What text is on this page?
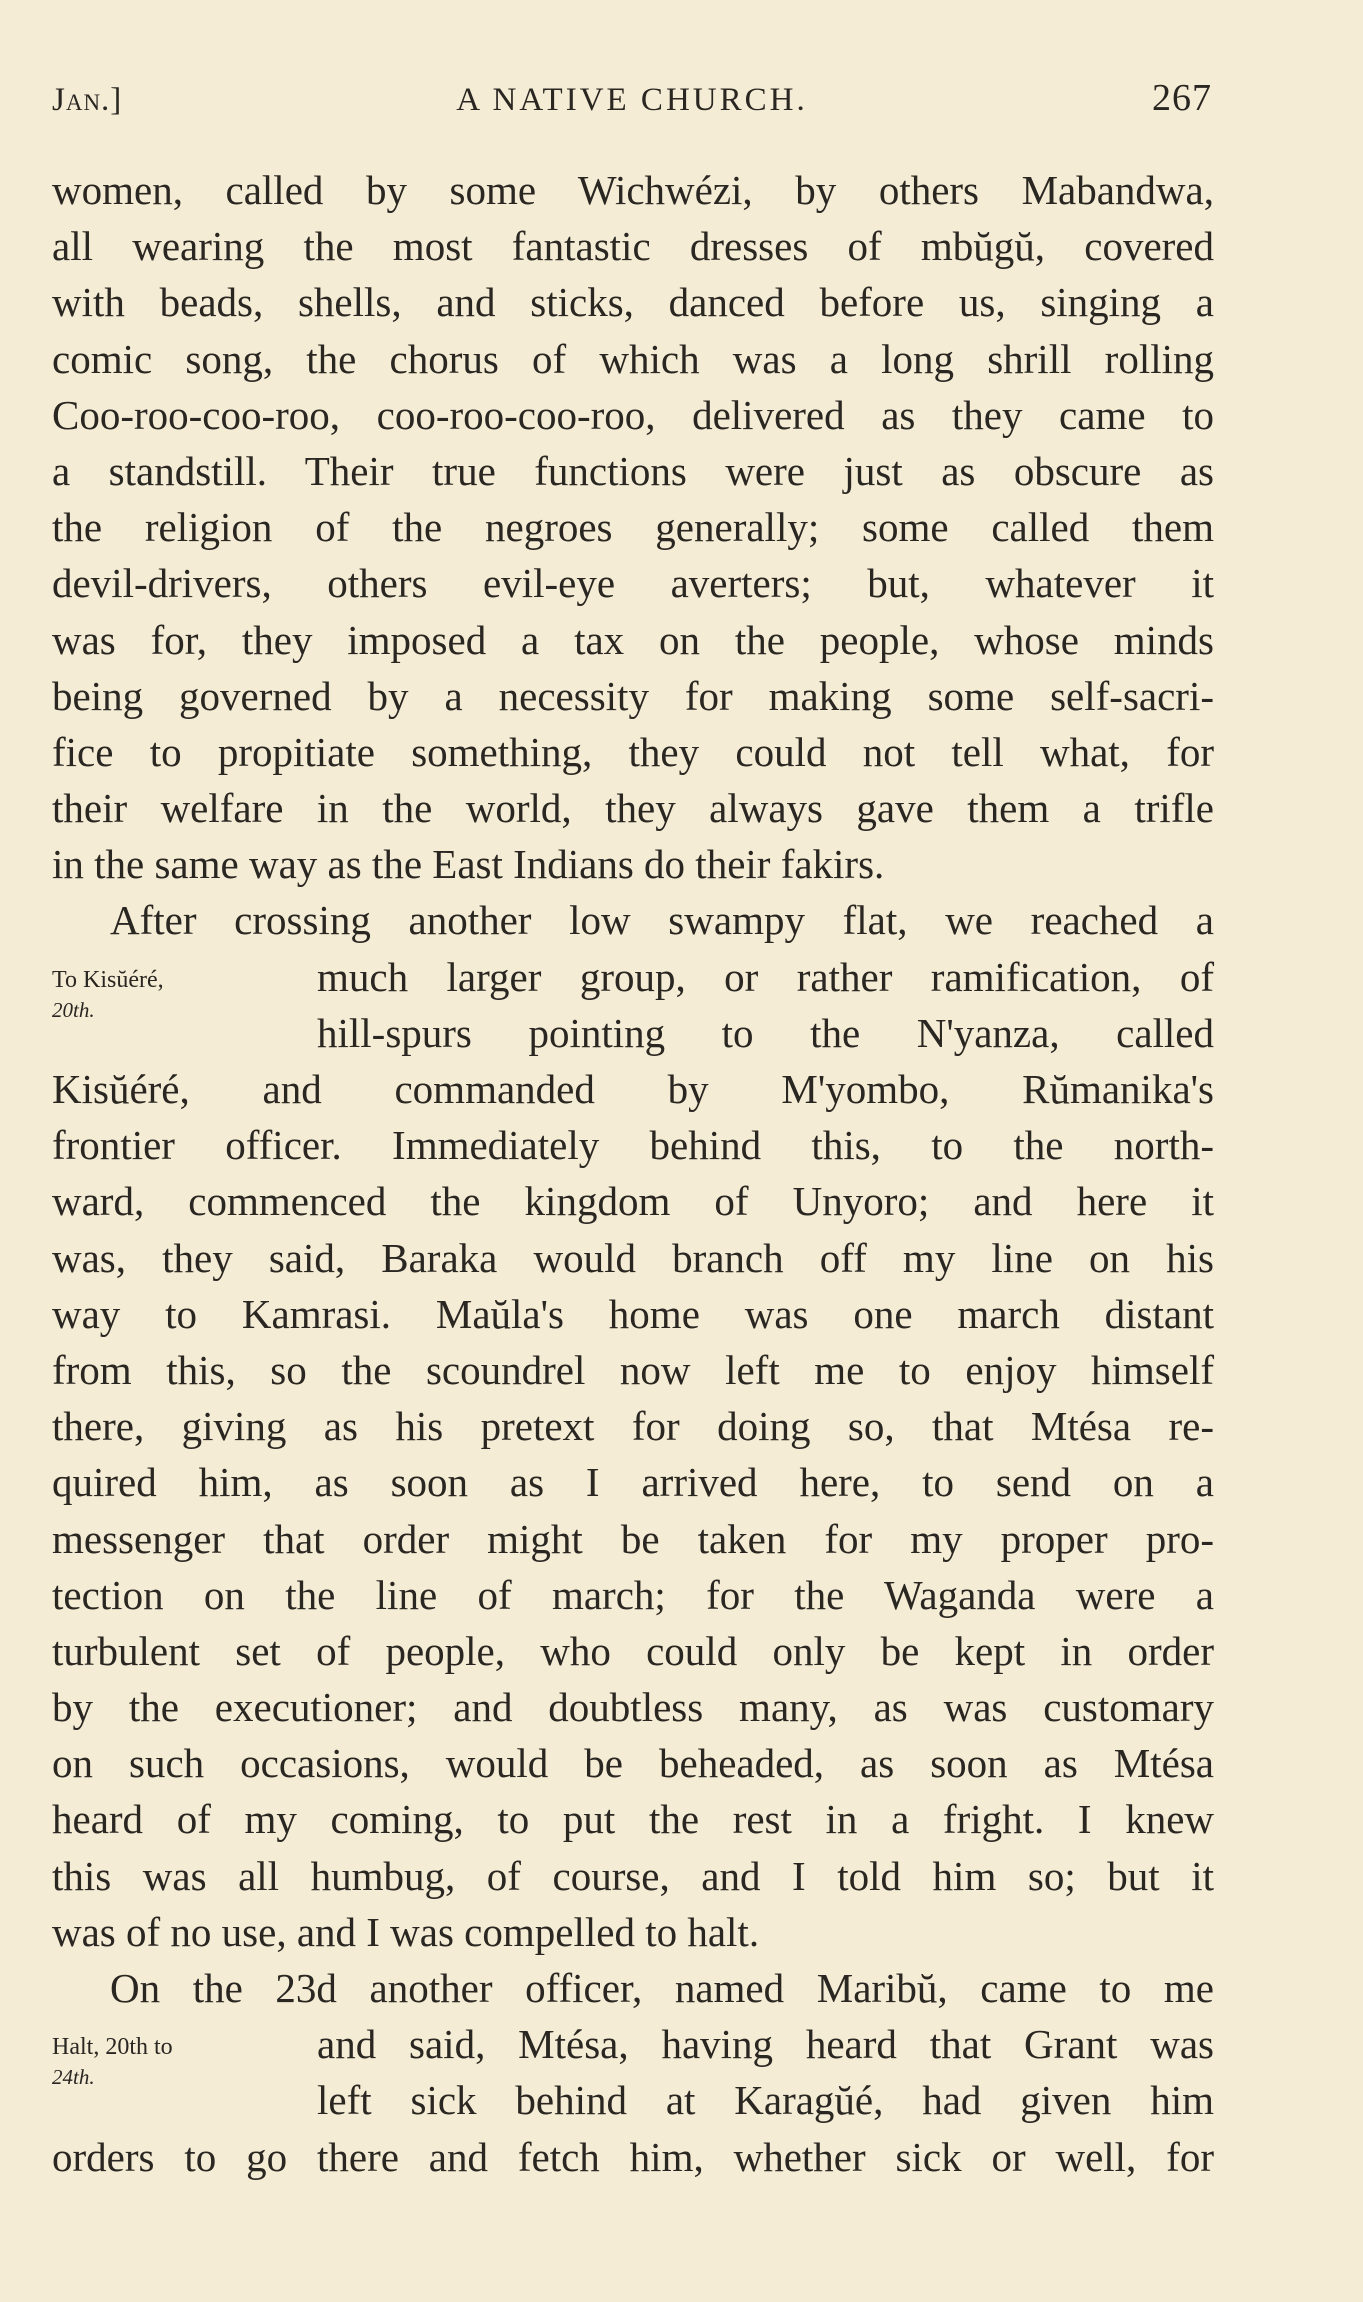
Jan.]	A NATIVE CHURCH.	267
women, called by some Wichwézi, by others Mabandwa,
all wearing the most fantastic dresses of mbŭgŭ, covered
with beads, shells, and sticks, danced before us, singing a
comic song, the chorus of which was a long shrill rolling
Coo-roo-coo-roo, coo-roo-coo-roo, delivered as they came to
a standstill. Their true functions were just as obscure as
the religion of the negroes generally; some called them
devil-drivers, others evil-eye averters; but, whatever it
was for, they imposed a tax on the people, whose minds
being governed by a necessity for making some self-sacri-
fice to propitiate something, they could not tell what, for
their welfare in the world, they always gave them a trifle
in the same way as the East Indians do their fakirs.
After crossing another low swampy flat, we reached a
To Kisŭéré,
20th.
much larger group, or rather ramification, of
hill-spurs pointing to the N'yanza, called
Kisŭéré, and commanded by M'yombo, Rŭmanika's
frontier officer. Immediately behind this, to the north-
ward, commenced the kingdom of Unyoro; and here it
was, they said, Baraka would branch off my line on his
way to Kamrasi. Maŭla's home was one march distant
from this, so the scoundrel now left me to enjoy himself
there, giving as his pretext for doing so, that Mtésa re-
quired him, as soon as I arrived here, to send on a
messenger that order might be taken for my proper pro-
tection on the line of march; for the Waganda were a
turbulent set of people, who could only be kept in order
by the executioner; and doubtless many, as was customary
on such occasions, would be beheaded, as soon as Mtésa
heard of my coming, to put the rest in a fright. I knew
this was all humbug, of course, and I told him so; but it
was of no use, and I was compelled to halt.
On the 23d another officer, named Maribŭ, came to me
Halt, 20th to
24th.
and said, Mtésa, having heard that Grant was
left sick behind at Karagŭé, had given him
orders to go there and fetch him, whether sick or well, for
